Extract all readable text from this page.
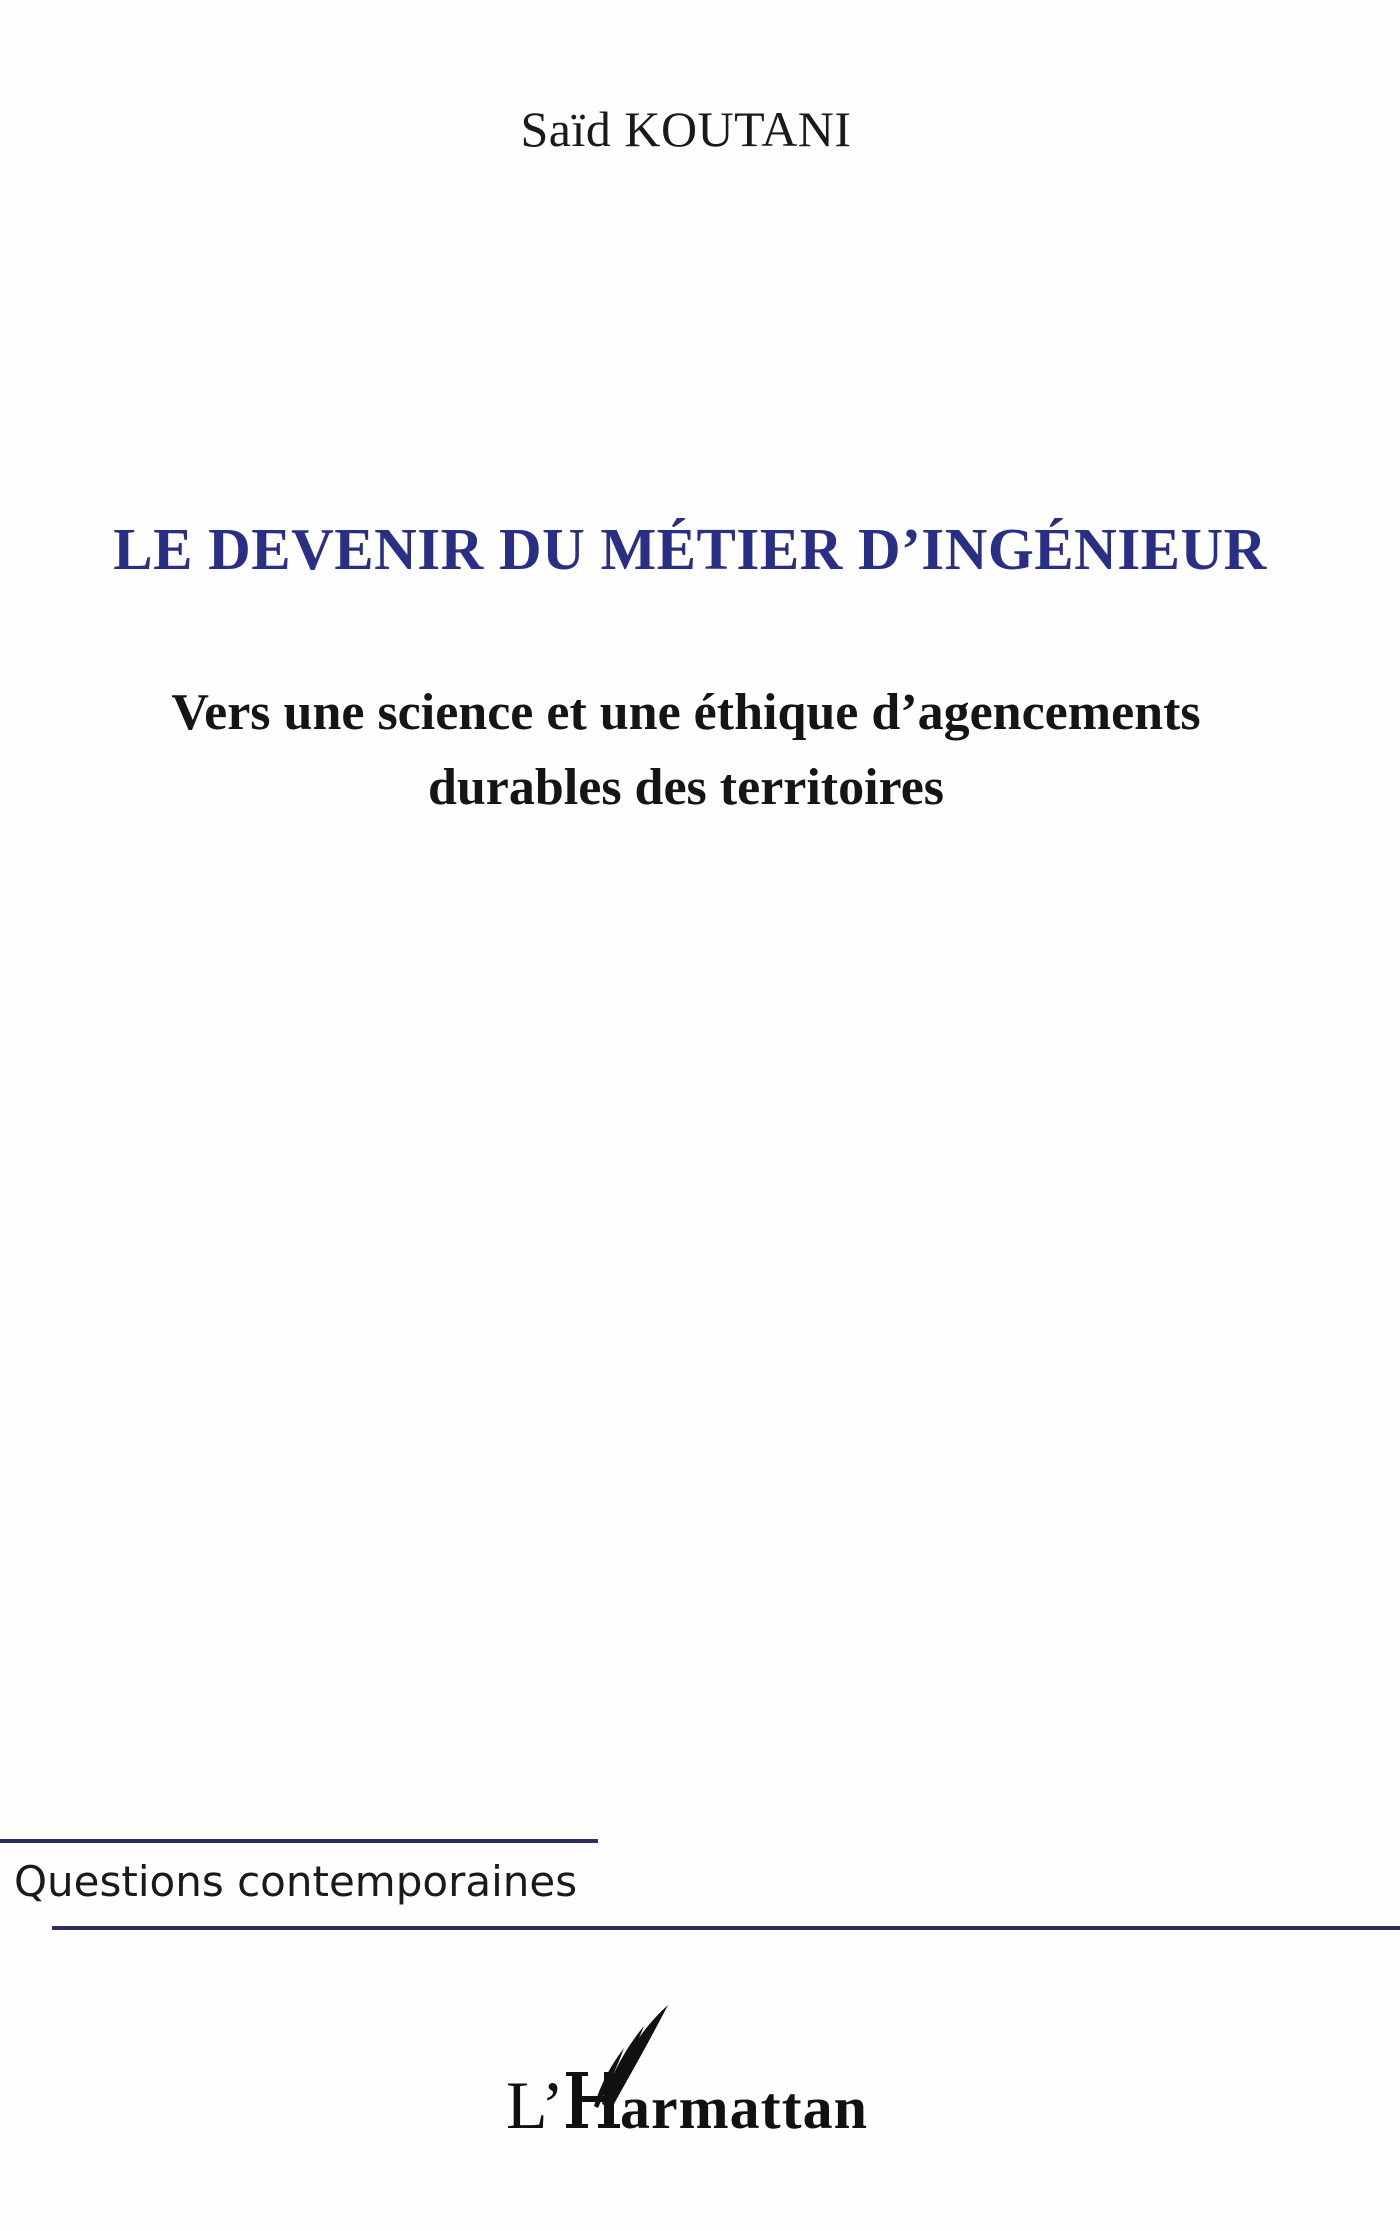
Saïd KOUTANI
LE DEVENIR DU MÉTIER D’INGÉNIEUR
Vers une science et une éthique d’agencements
durables des territoires
Questions contemporaines
L’ armattan
